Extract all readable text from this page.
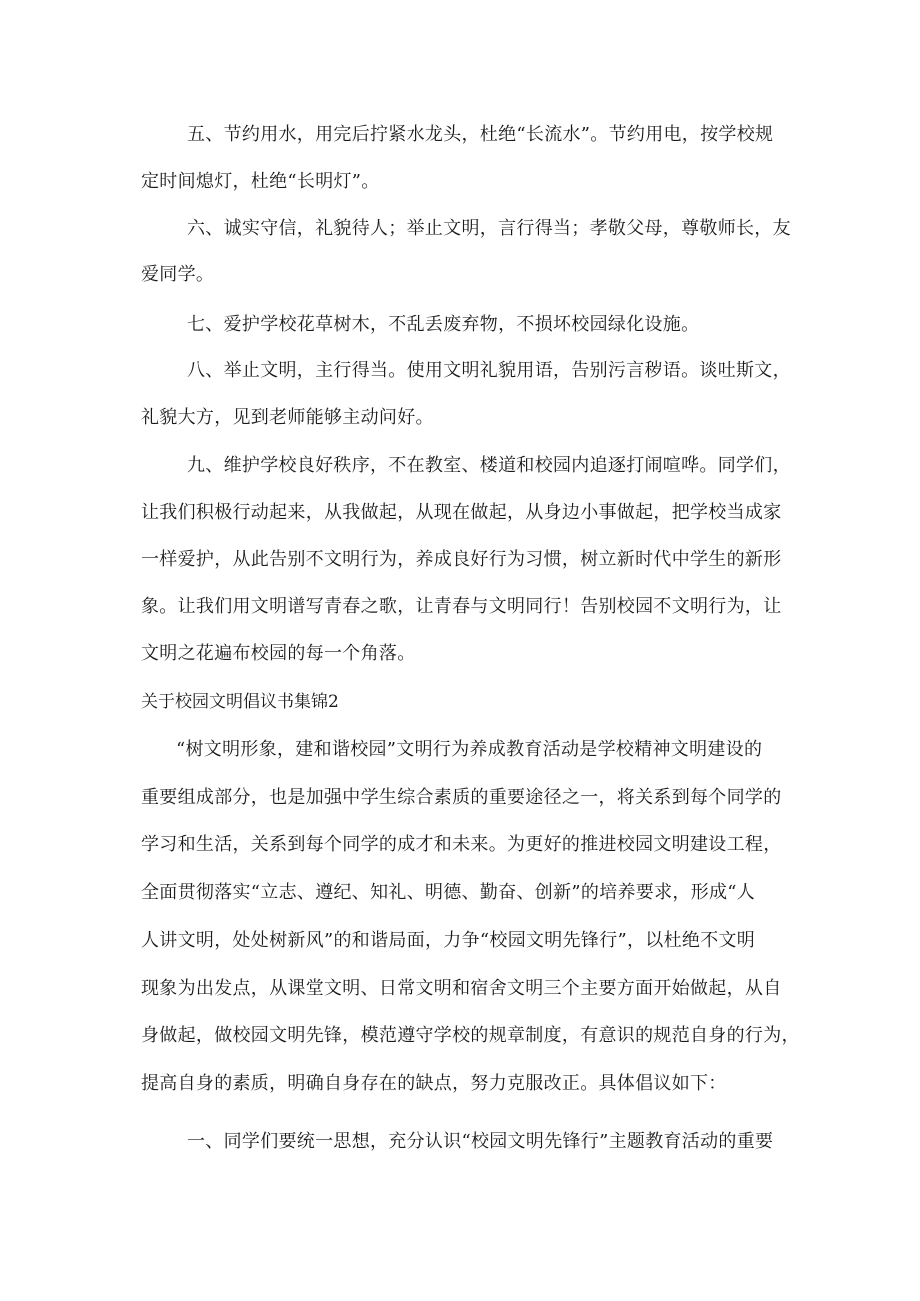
五、节约用水，用完后拧紧水龙头，杜绝“长流水”。节约用电，按学校规
定时间熄灯，杜绝“长明灯”。
六、诚实守信，礼貌待人；举止文明，言行得当；孝敬父母，尊敬师长，友
爱同学。
七、爱护学校花草树木，不乱丢废弃物，不损坏校园绿化设施。
八、举止文明，主行得当。使用文明礼貌用语，告别污言秽语。谈吐斯文，
礼貌大方，见到老师能够主动问好。
九、维护学校良好秩序，不在教室、楼道和校园内追逐打闹喧哗。同学们，
让我们积极行动起来，从我做起，从现在做起，从身边小事做起，把学校当成家
一样爱护，从此告别不文明行为，养成良好行为习惯，树立新时代中学生的新形
象。让我们用文明谱写青春之歌，让青春与文明同行！告别校园不文明行为，让
文明之花遍布校园的每一个角落。
关于校园文明倡议书集锦2
“树文明形象，建和谐校园”文明行为养成教育活动是学校精神文明建设的
重要组成部分，也是加强中学生综合素质的重要途径之一，将关系到每个同学的
学习和生活，关系到每个同学的成才和未来。为更好的推进校园文明建设工程，
全面贯彻落实“立志、遵纪、知礼、明德、勤奋、创新”的培养要求，形成“人
人讲文明，处处树新风”的和谐局面，力争“校园文明先锋行”，以杜绝不文明
现象为出发点，从课堂文明、日常文明和宿舍文明三个主要方面开始做起，从自
身做起，做校园文明先锋，模范遵守学校的规章制度，有意识的规范自身的行为，
提高自身的素质，明确自身存在的缺点，努力克服改正。具体倡议如下：
一、同学们要统一思想，充分认识“校园文明先锋行”主题教育活动的重要
